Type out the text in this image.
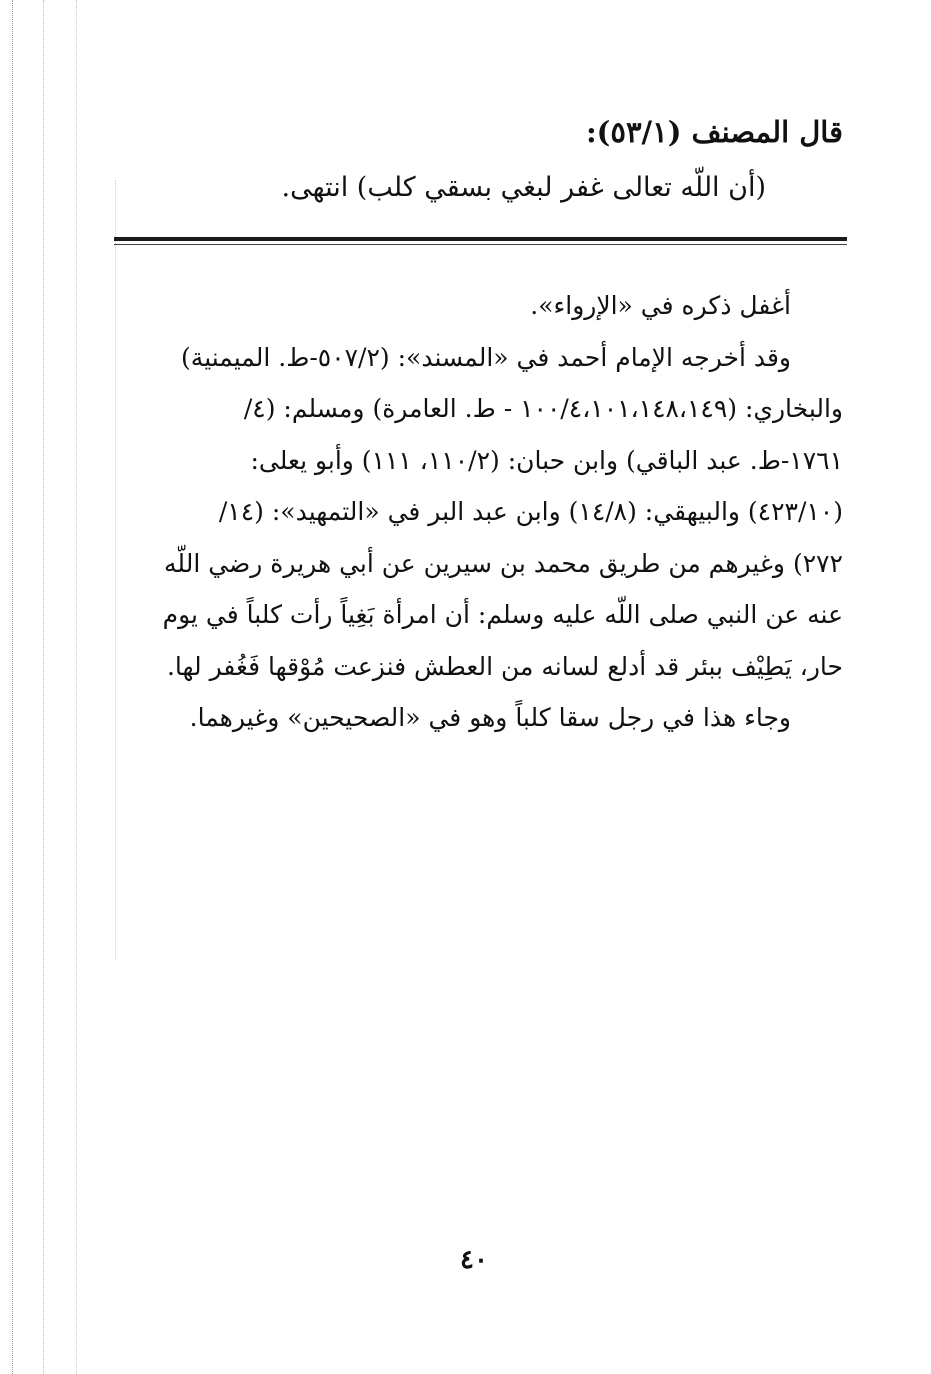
قال المصنف (٥٣/١):
(أن اللّه تعالى غفر لبغي بسقي كلب) انتهى.
أغفل ذكره في «الإرواء».
وقد أخرجه الإمام أحمد في «المسند»: (٥٠٧/٢-ط. الميمنية)
والبخاري: (١٠٠/٤،١٠١،١٤٨،١٤٩ - ط. العامرة) ومسلم: (٤/
١٧٦١-ط. عبد الباقي) وابن حبان: (١١٠/٢، ١١١) وأبو يعلى:
(٤٢٣/١٠) والبيهقي: (١٤/٨) وابن عبد البر في «التمهيد»: (١٤/
٢٧٢) وغيرهم من طريق محمد بن سيرين عن أبي هريرة رضي اللّه
عنه عن النبي صلى اللّه عليه وسلم: أن امرأة بَغِياً رأت كلباً في يوم
حار، يَطِيْف ببئر قد أدلع لسانه من العطش فنزعت مُوْقها فَغُفر لها.
وجاء هذا في رجل سقا كلباً وهو في «الصحيحين» وغيرهما.
٤٠
